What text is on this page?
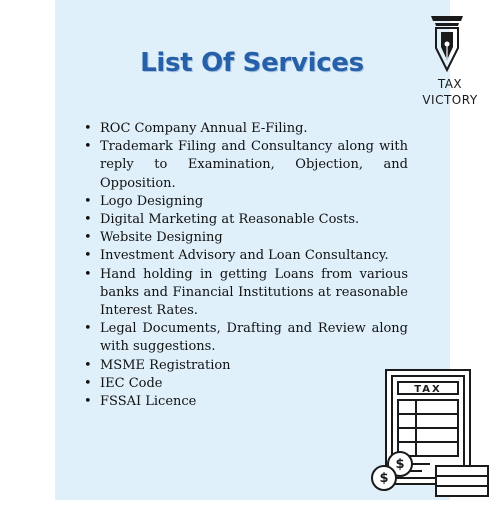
List Of Services
TAX
VICTORY
• ROC Company Annual E-Filing.
• Trademark Filing and Consultancy along with reply to Examination, Objection, and Opposition.
• Logo Designing
• Digital Marketing at Reasonable Costs.
• Website Designing
• Investment Advisory and Loan Consultancy.
• Hand holding in getting Loans from various banks and Financial Institutions at reasonable Interest Rates.
• Legal Documents, Drafting and Review along with suggestions.
• MSME Registration
• IEC Code
• FSSAI Licence
TAX
$
$
